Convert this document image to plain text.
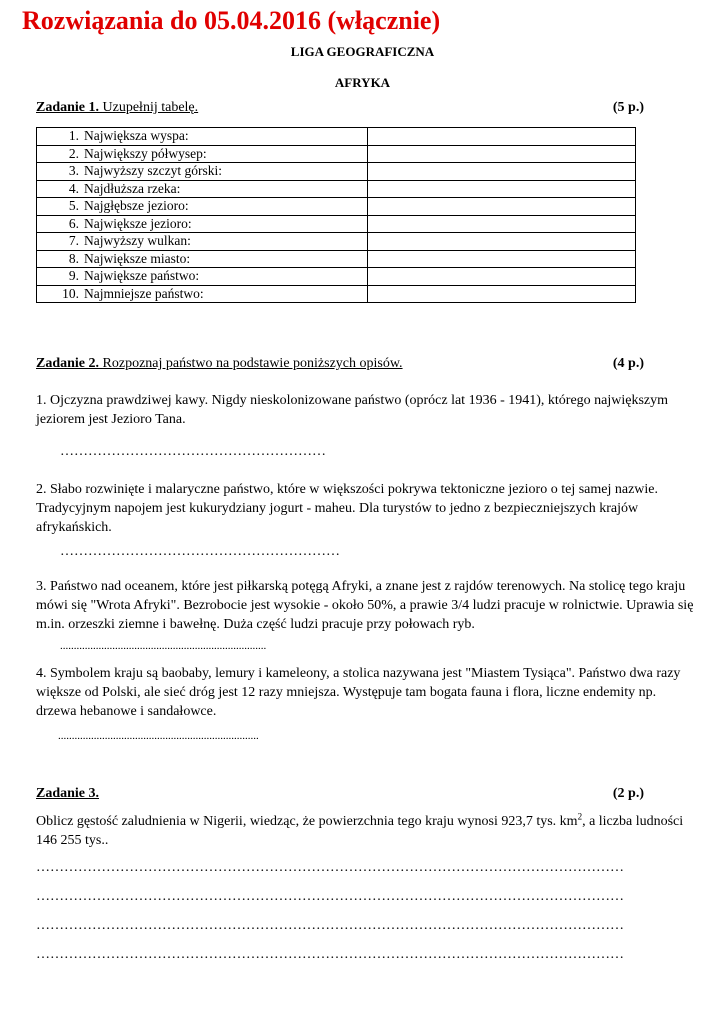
Rozwiązania do 05.04.2016 (włącznie)
LIGA GEOGRAFICZNA
AFRYKA
Zadanie 1. Uzupełnij tabelę.	(5 p.)
1. Największa wyspa:	
2. Największy półwysep:	
3. Najwyższy szczyt górski:	
4. Najdłuższa rzeka:	
5. Najgłębsze jezioro:	
6. Największe jezioro:	
7. Najwyższy wulkan:	
8. Największe miasto:	
9. Największe państwo:	
10. Najmniejsze państwo:	
Zadanie 2. Rozpoznaj państwo na podstawie poniższych opisów.	(4 p.)
1. Ojczyzna prawdziwej kawy. Nigdy nieskolonizowane państwo (oprócz lat 1936 - 1941), którego największym jeziorem jest Jezioro Tana.
…………………………………………………
2. Słabo rozwinięte i malaryczne państwo, które w większości pokrywa tektoniczne jezioro o tej samej nazwie. Tradycyjnym napojem jest kukurydziany jogurt - maheu. Dla turystów to jedno z bezpieczniejszych krajów afrykańskich.
……………………………………………………
3. Państwo nad oceanem, które jest piłkarską potęgą Afryki, a znane jest z rajdów terenowych. Na stolicę tego kraju mówi się "Wrota Afryki". Bezrobocie jest wysokie - około 50%, a prawie 3/4 ludzi pracuje w rolnictwie. Uprawia się m.in. orzeszki ziemne i bawełnę. Duża część ludzi pracuje przy połowach ryb.
...........................................................................
4. Symbolem kraju są baobaby, lemury i kameleony, a stolica nazywana jest "Miastem Tysiąca". Państwo dwa razy większe od Polski, ale sieć dróg jest 12 razy mniejsza. Występuje tam bogata fauna i flora, liczne endemity np. drzewa hebanowe i sandałowce.
.........................................................................
Zadanie 3.	(2 p.)
Oblicz gęstość zaludnienia w Nigerii, wiedząc, że powierzchnia tego kraju wynosi 923,7 tys. $km^2$, a liczba ludności 146 255 tys..
………………………………………………………………………………………………………………
………………………………………………………………………………………………………………
………………………………………………………………………………………………………………
………………………………………………………………………………………………………………
